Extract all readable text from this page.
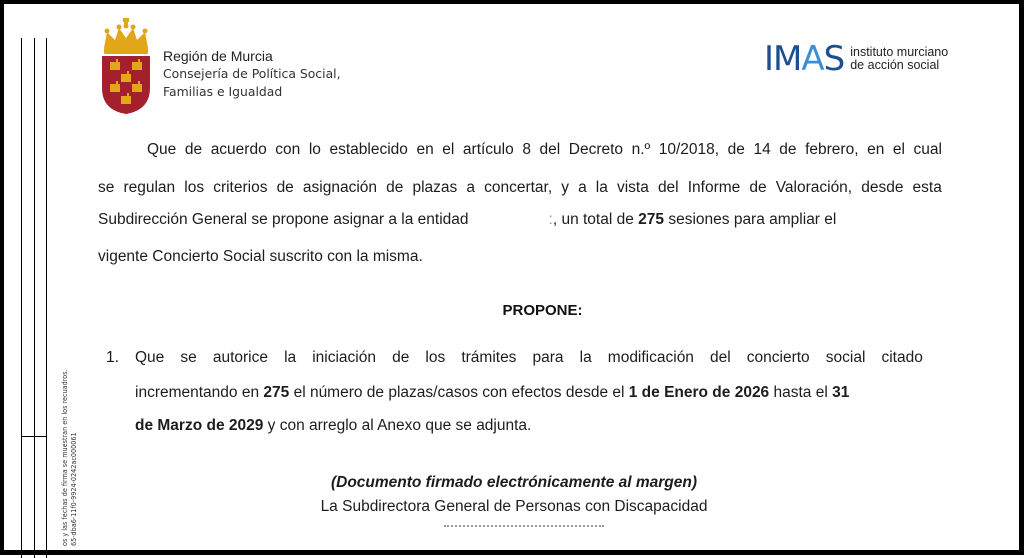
os y las fechas de firma se muestran en los recuadros. 65-dba6-11f0-9924-0242ac000061
Región de Murcia
Consejería de Política Social,
Familias e Igualdad
IMAS instituto murciano
de acción social
Que de acuerdo con lo establecido en el artículo 8 del Decreto n.º 10/2018, de 14 de febrero, en el cual
se regulan los criterios de asignación de plazas a concertar, y a la vista del Informe de Valoración, desde esta
Subdirección General se propone asignar a la entidad	:, un total de 275 sesiones para ampliar el
vigente Concierto Social suscrito con la misma.
PROPONE:
1. Que se autorice la iniciación de los trámites para la modificación del concierto social citado
incrementando en 275 el número de plazas/casos con efectos desde el 1 de Enero de 2026 hasta el 31
de Marzo de 2029 y con arreglo al Anexo que se adjunta.
(Documento firmado electrónicamente al margen)
La Subdirectora General de Personas con Discapacidad
